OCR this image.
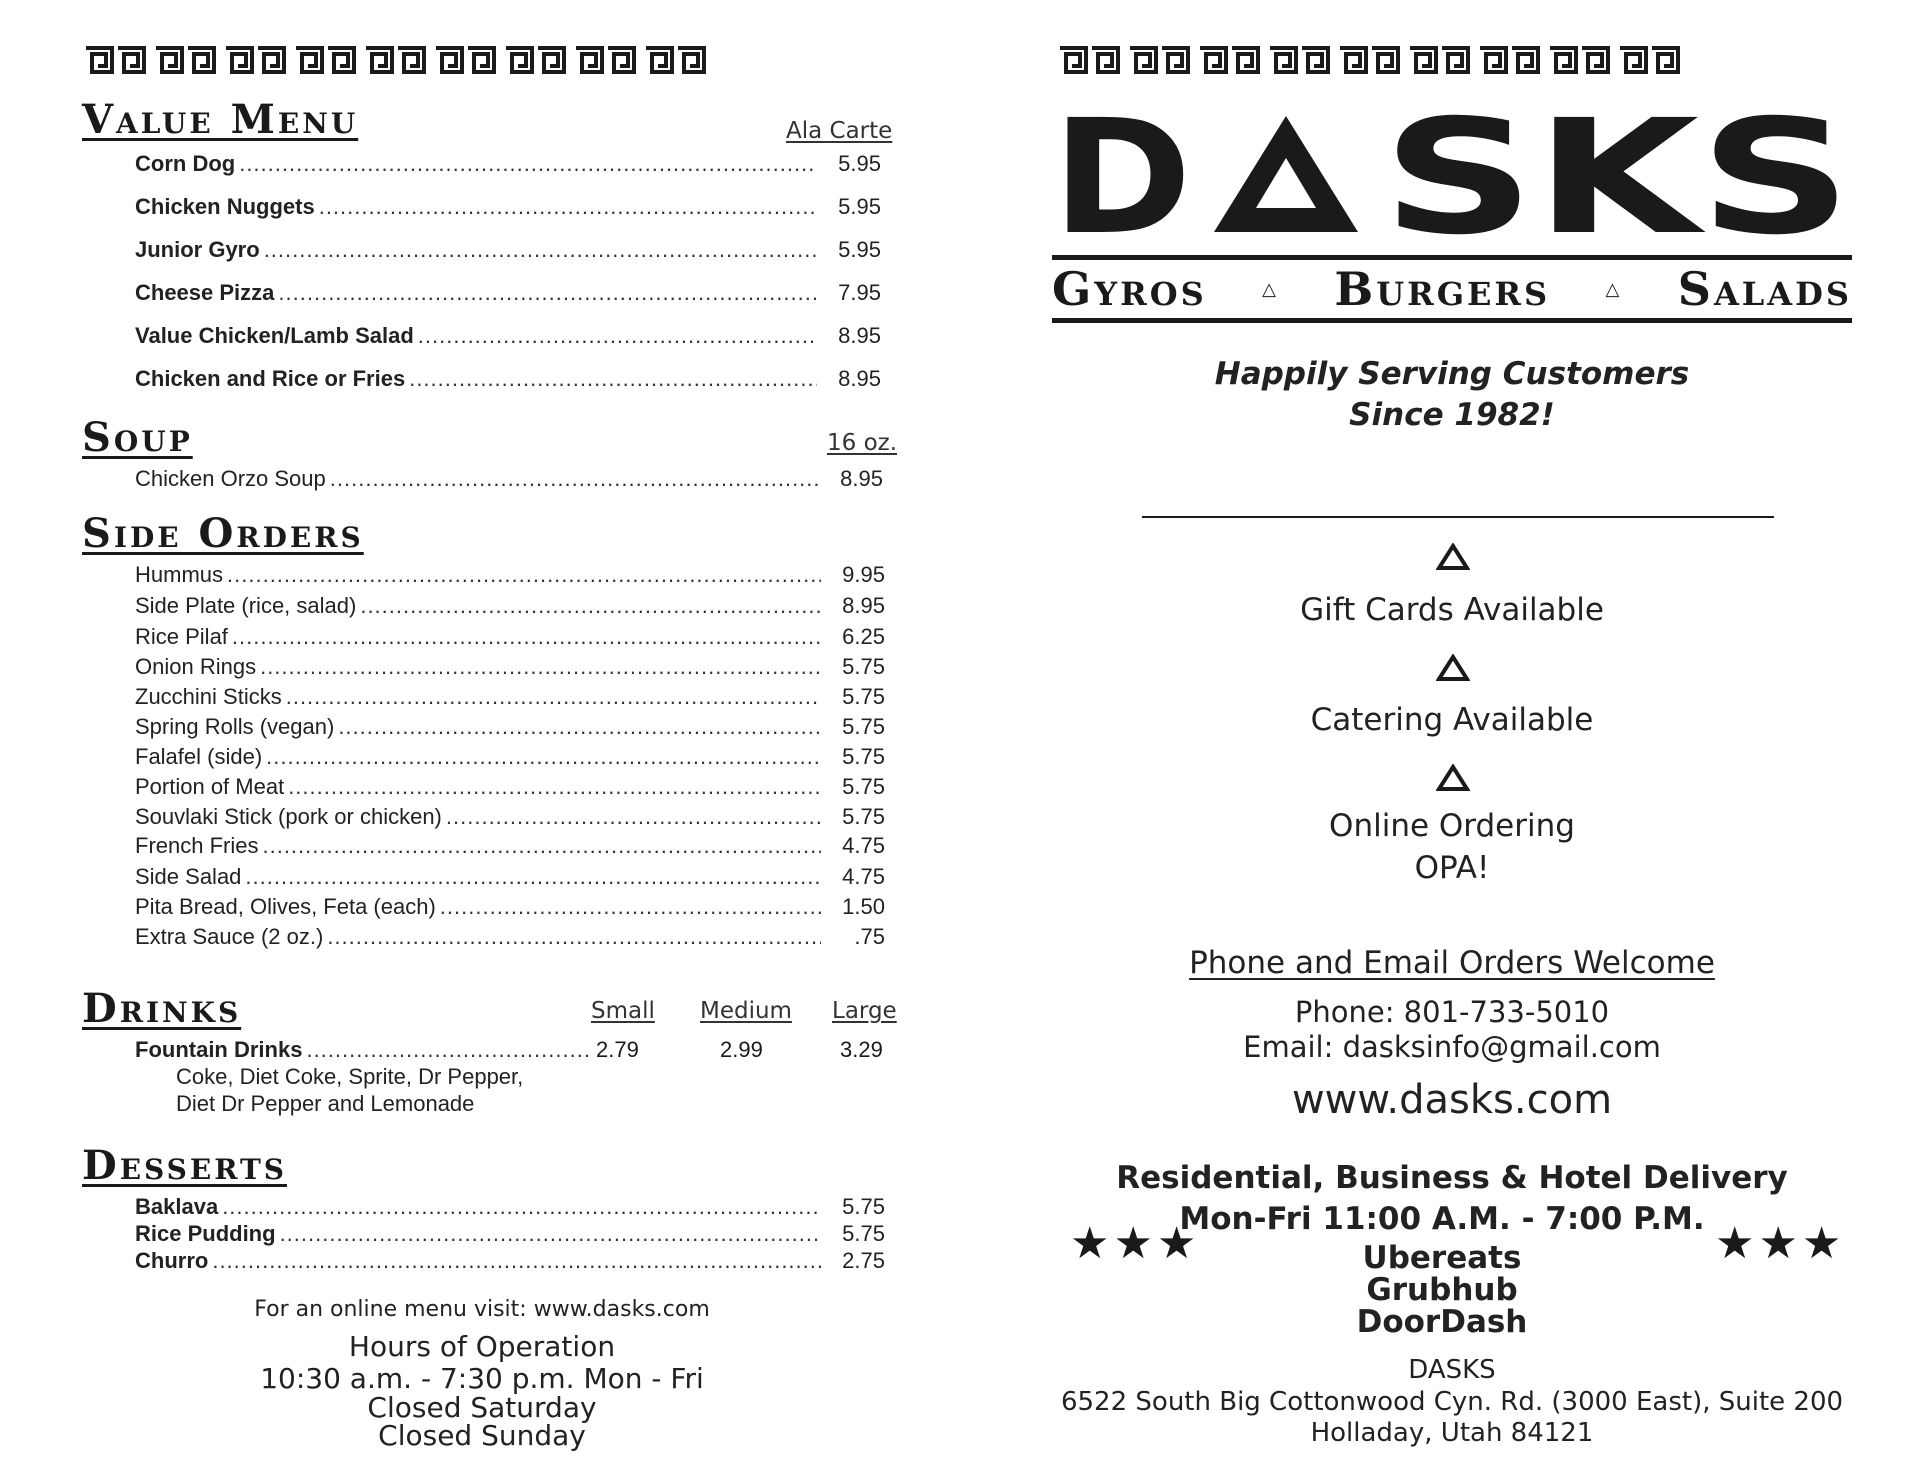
Value Menu	Ala Carte
Corn Dog .....	5.95
Chicken Nuggets .....	5.95
Junior Gyro .....	5.95
Cheese Pizza .....	7.95
Value Chicken/Lamb Salad .....	8.95
Chicken and Rice or Fries .....	8.95
Soup	16 oz.
Chicken Orzo Soup .....	8.95
Side Orders
Hummus .....	9.95
Side Plate (rice, salad) .....	8.95
Rice Pilaf .....	6.25
Onion Rings .....	5.75
Zucchini Sticks .....	5.75
Spring Rolls (vegan) .....	5.75
Falafel (side) .....	5.75
Portion of Meat .....	5.75
Souvlaki Stick (pork or chicken) .....	5.75
French Fries .....	4.75
Side Salad .....	4.75
Pita Bread, Olives, Feta (each) .....	1.50
Extra Sauce (2 oz.) .....	.75
Drinks	Small Medium Large
Fountain Drinks .....	2.79	2.99	3.29
Coke, Diet Coke, Sprite, Dr Pepper,
Diet Dr Pepper and Lemonade
Desserts
Baklava .....	5.75
Rice Pudding .....	5.75
Churro .....	2.75
For an online menu visit: www.dasks.com
Hours of Operation
10:30 a.m. - 7:30 p.m. Mon - Fri
Closed Saturday
Closed Sunday
D SKS
Gyros	△ Burgers	△ Salads
Happily Serving Customers
Since 1982!
Gift Cards Available
Catering Available
Online Ordering
OPA!
Phone and Email Orders Welcome
Phone: 801-733-5010
Email: dasksinfo@gmail.com
www.dasks.com
Residential, Business & Hotel Delivery
Mon-Fri 11:00 A.M. - 7:00 P.M.
Ubereats
Grubhub
DoorDash
★★★	★★★
DASKS
6522 South Big Cottonwood Cyn. Rd. (3000 East), Suite 200
Holladay, Utah 84121
